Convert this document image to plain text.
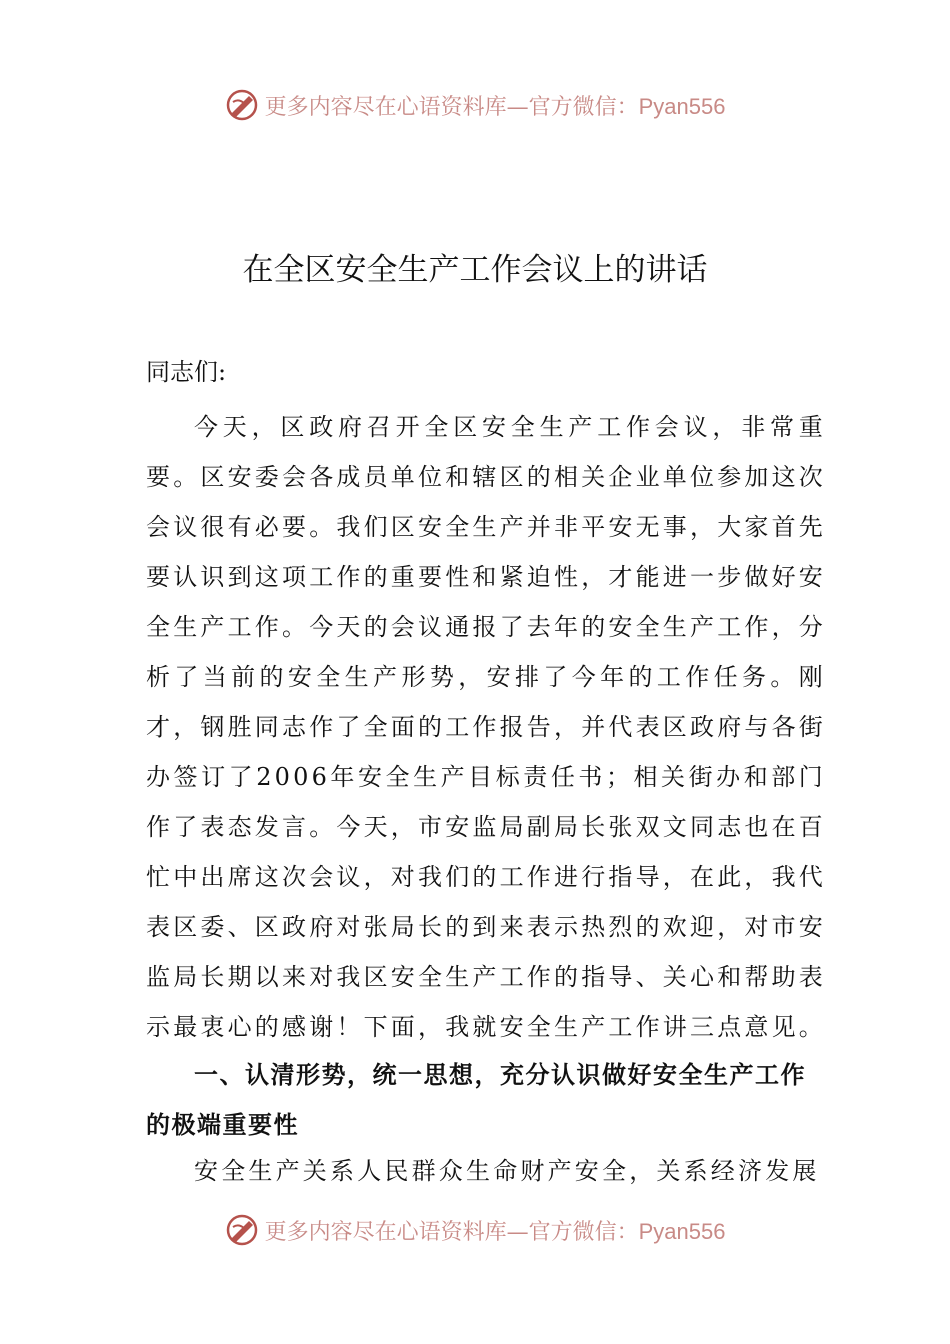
更多内容尽在心语资料库—官方微信：Pyan556
在全区安全生产工作会议上的讲话
同志们:
今天，区政府召开全区安全生产工作会议，非常重要。区安委会各成员单位和辖区的相关企业单位参加这次会议很有必要。我们区安全生产并非平安无事，大家首先要认识到这项工作的重要性和紧迫性，才能进一步做好安全生产工作。今天的会议通报了去年的安全生产工作，分析了当前的安全生产形势，安排了今年的工作任务。刚才，钢胜同志作了全面的工作报告，并代表区政府与各街办签订了2006年安全生产目标责任书；相关街办和部门作了表态发言。今天，市安监局副局长张双文同志也在百忙中出席这次会议，对我们的工作进行指导，在此，我代表区委、区政府对张局长的到来表示热烈的欢迎，对市安监局长期以来对我区安全生产工作的指导、关心和帮助表示最衷心的感谢！下面，我就安全生产工作讲三点意见。
一、认清形势，统一思想，充分认识做好安全生产工作的极端重要性
安全生产关系人民群众生命财产安全，关系经济发展
更多内容尽在心语资料库—官方微信：Pyan556
